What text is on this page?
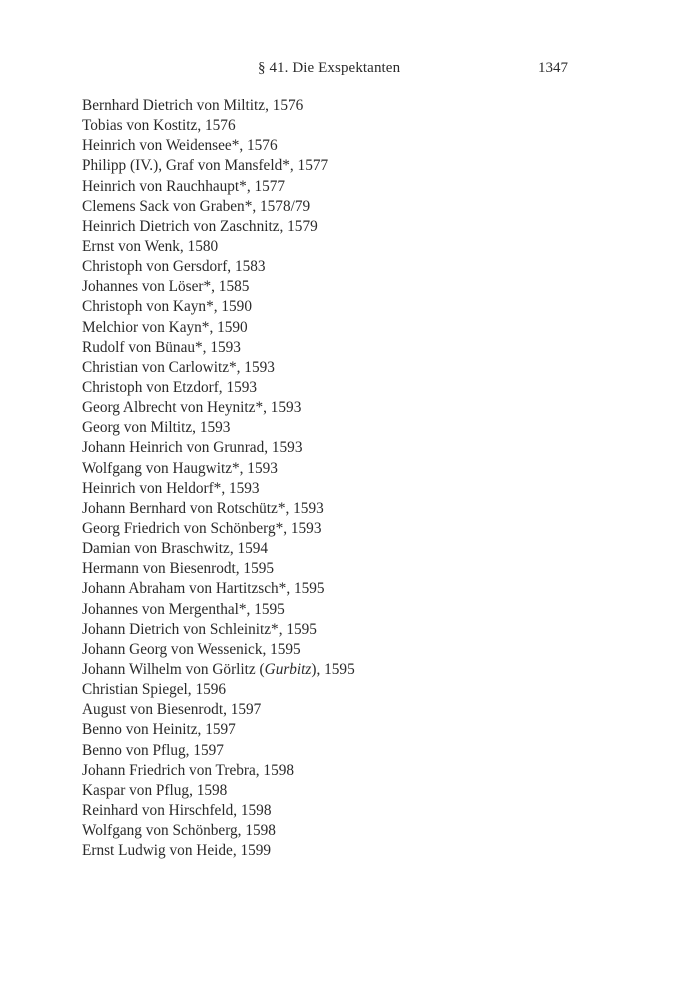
§ 41. Die Exspektanten	1347
Bernhard Dietrich von Miltitz, 1576
Tobias von Kostitz, 1576
Heinrich von Weidensee*, 1576
Philipp (IV.), Graf von Mansfeld*, 1577
Heinrich von Rauchhaupt*, 1577
Clemens Sack von Graben*, 1578/79
Heinrich Dietrich von Zaschnitz, 1579
Ernst von Wenk, 1580
Christoph von Gersdorf, 1583
Johannes von Löser*, 1585
Christoph von Kayn*, 1590
Melchior von Kayn*, 1590
Rudolf von Bünau*, 1593
Christian von Carlowitz*, 1593
Christoph von Etzdorf, 1593
Georg Albrecht von Heynitz*, 1593
Georg von Miltitz, 1593
Johann Heinrich von Grunrad, 1593
Wolfgang von Haugwitz*, 1593
Heinrich von Heldorf*, 1593
Johann Bernhard von Rotschütz*, 1593
Georg Friedrich von Schönberg*, 1593
Damian von Braschwitz, 1594
Hermann von Biesenrodt, 1595
Johann Abraham von Hartitzsch*, 1595
Johannes von Mergenthal*, 1595
Johann Dietrich von Schleinitz*, 1595
Johann Georg von Wessenick, 1595
Johann Wilhelm von Görlitz (Gurbitz), 1595
Christian Spiegel, 1596
August von Biesenrodt, 1597
Benno von Heinitz, 1597
Benno von Pflug, 1597
Johann Friedrich von Trebra, 1598
Kaspar von Pflug, 1598
Reinhard von Hirschfeld, 1598
Wolfgang von Schönberg, 1598
Ernst Ludwig von Heide, 1599
